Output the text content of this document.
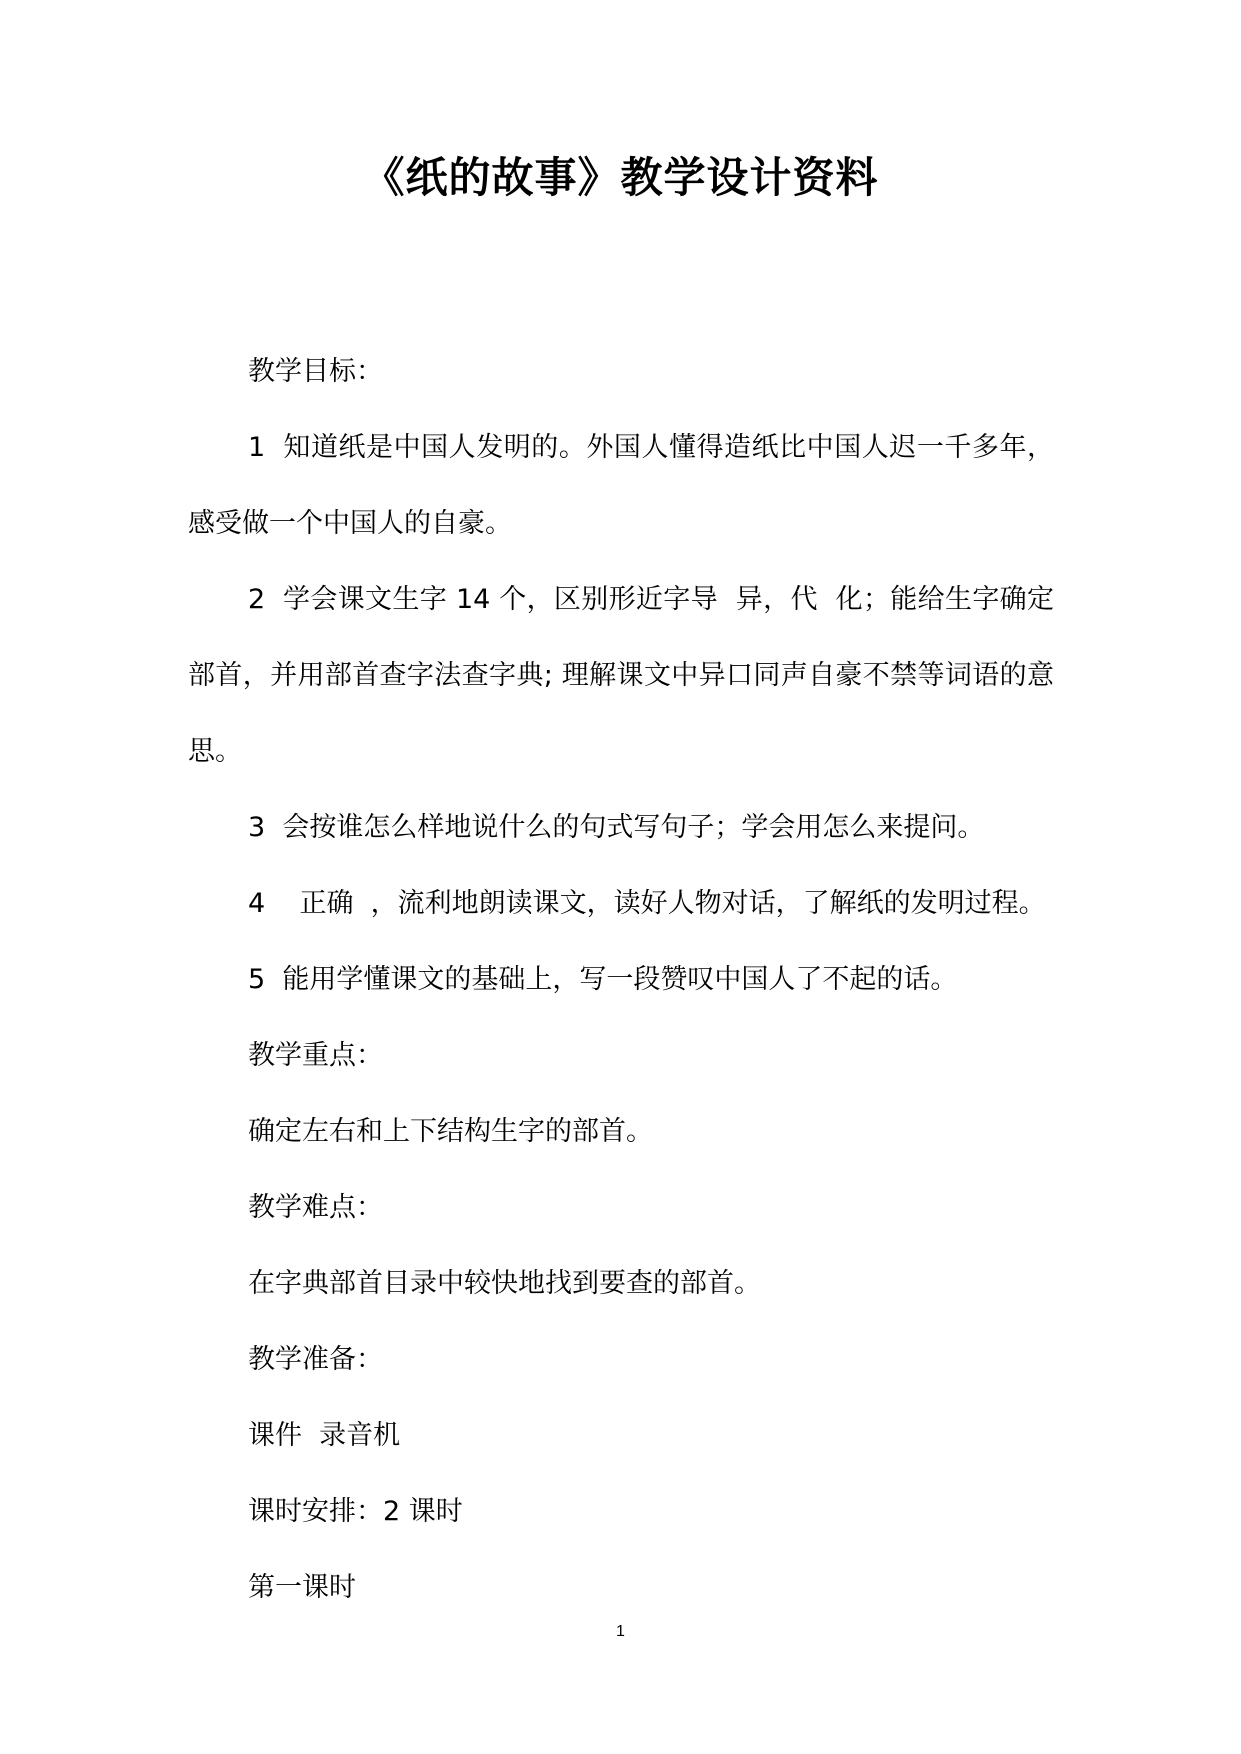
《纸的故事》教学设计资料

教学目标：

1  知道纸是中国人发明的。外国人懂得造纸比中国人迟一千多年，感受做一个中国人的自豪。

2  学会课文生字 14 个，区别形近字导  异，代  化；能给生字确定部首，并用部首查字法查字典; 理解课文中异口同声自豪不禁等词语的意思。

3  会按谁怎么样地说什么的句式写句子；学会用怎么来提问。

4    正确  ，流利地朗读课文，读好人物对话，了解纸的发明过程。

5  能用学懂课文的基础上，写一段赞叹中国人了不起的话。

教学重点：

确定左右和上下结构生字的部首。

教学难点：

在字典部首目录中较快地找到要查的部首。

教学准备：

课件  录音机

课时安排：2 课时

第一课时

1
